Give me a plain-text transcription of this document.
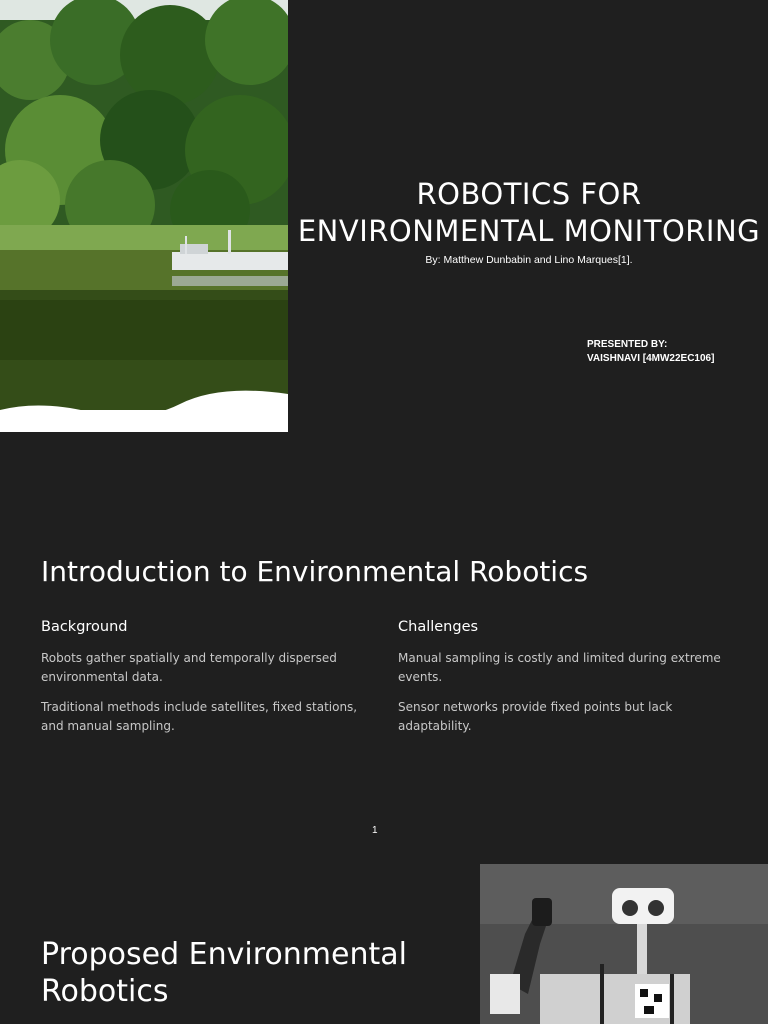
ROBOTICS FOR
ENVIRONMENTAL MONITORING
By: Matthew Dunbabin and Lino Marques[1].
PRESENTED BY:
VAISHNAVI [4MW22EC106]
Introduction to Environmental Robotics
Background

Robots gather spatially and temporally dispersed environmental data.

Traditional methods include satellites, fixed stations, and manual sampling.

Challenges

Manual sampling is costly and limited during extreme events.

Sensor networks provide fixed points but lack adaptability.

1
Proposed Environmental Robotics
